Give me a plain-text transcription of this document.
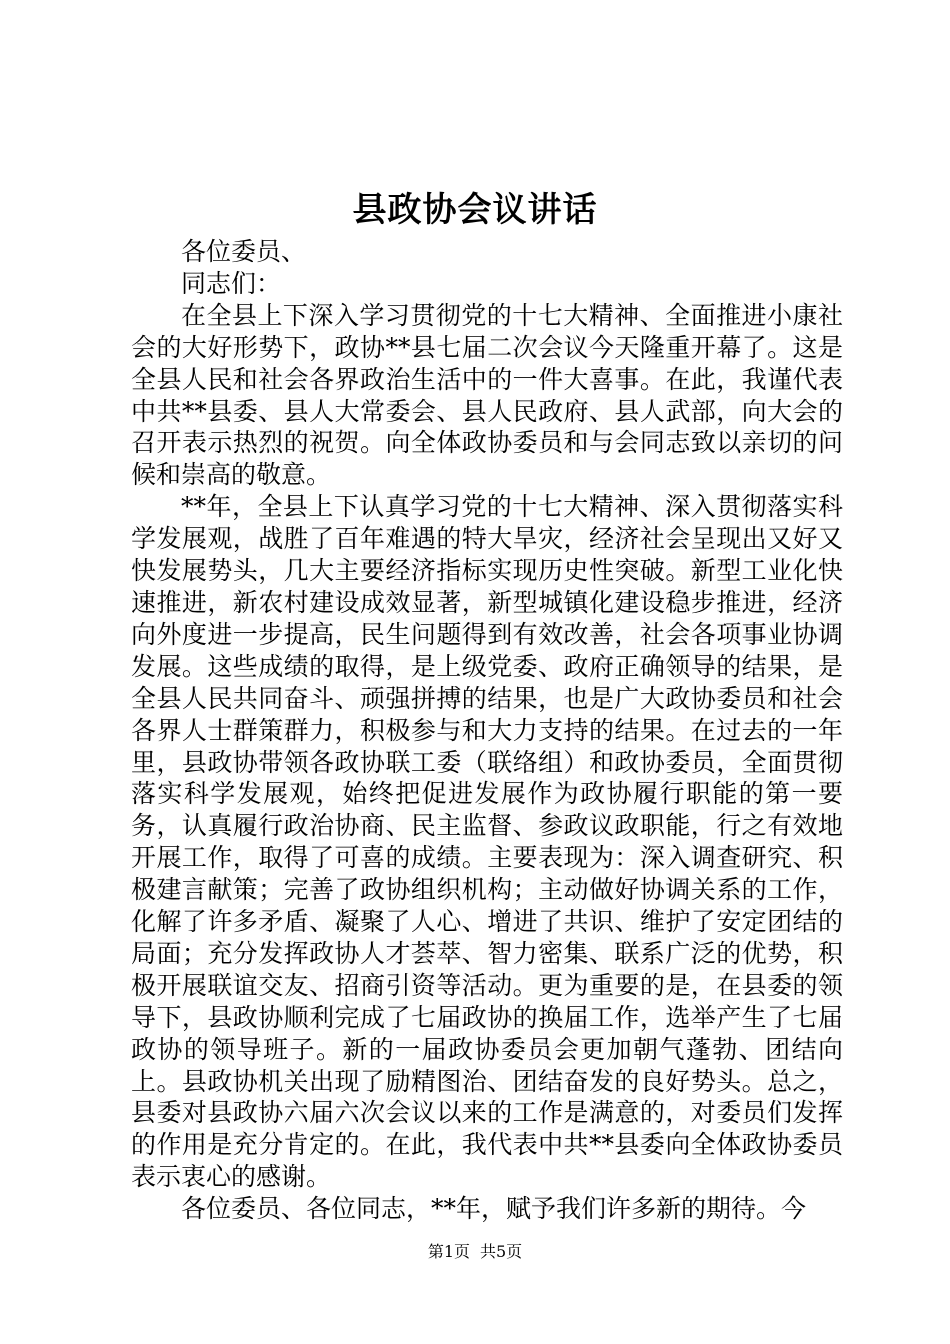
县政协会议讲话

各位委员、

同志们：

在全县上下深入学习贯彻党的十七大精神、全面推进小康社会的大好形势下，政协**县七届二次会议今天隆重开幕了。这是全县人民和社会各界政治生活中的一件大喜事。在此，我谨代表中共**县委、县人大常委会、县人民政府、县人武部，向大会的召开表示热烈的祝贺。向全体政协委员和与会同志致以亲切的问候和崇高的敬意。

**年，全县上下认真学习党的十七大精神、深入贯彻落实科学发展观，战胜了百年难遇的特大旱灾，经济社会呈现出又好又快发展势头，几大主要经济指标实现历史性突破。新型工业化快速推进，新农村建设成效显著，新型城镇化建设稳步推进，经济向外度进一步提高，民生问题得到有效改善，社会各项事业协调发展。这些成绩的取得，是上级党委、政府正确领导的结果，是全县人民共同奋斗、顽强拼搏的结果，也是广大政协委员和社会各界人士群策群力，积极参与和大力支持的结果。在过去的一年里，县政协带领各政协联工委（联络组）和政协委员，全面贯彻落实科学发展观，始终把促进发展作为政协履行职能的第一要务，认真履行政治协商、民主监督、参政议政职能，行之有效地开展工作，取得了可喜的成绩。主要表现为：深入调查研究、积极建言献策；完善了政协组织机构；主动做好协调关系的工作，化解了许多矛盾、凝聚了人心、增进了共识、维护了安定团结的局面；充分发挥政协人才荟萃、智力密集、联系广泛的优势，积极开展联谊交友、招商引资等活动。更为重要的是，在县委的领导下，县政协顺利完成了七届政协的换届工作，选举产生了七届政协的领导班子。新的一届政协委员会更加朝气蓬勃、团结向上。县政协机关出现了励精图治、团结奋发的良好势头。总之，县委对县政协六届六次会议以来的工作是满意的，对委员们发挥的作用是充分肯定的。在此，我代表中共**县委向全体政协委员表示衷心的感谢。

各位委员、各位同志，**年，赋予我们许多新的期待。今

第1页 共5页
